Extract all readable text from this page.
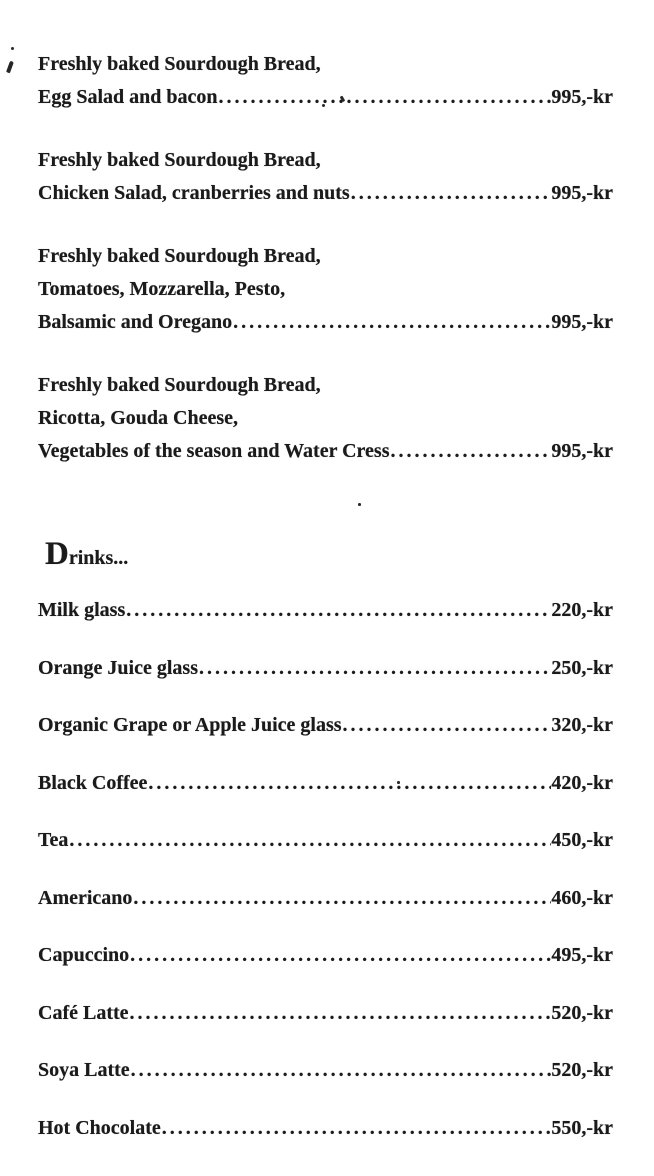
Freshly baked Sourdough Bread,

Egg Salad and bacon .....	995,-kr

Freshly baked Sourdough Bread,

Chicken Salad, cranberries and nuts .....	995,-kr

Freshly baked Sourdough Bread,

Tomatoes, Mozzarella, Pesto,

Balsamic and Oregano .....	995,-kr

Freshly baked Sourdough Bread,

Ricotta, Gouda Cheese,

Vegetables of the season and Water Cress .....	995,-kr
Drinks...
Milk glass .....	220,-kr
Orange Juice glass .....	250,-kr
Organic Grape or Apple Juice glass .....	320,-kr
Black Coffee .....	420,-kr
Tea .....	450,-kr
Americano .....	460,-kr
Capuccino .....	495,-kr
Café Latte .....	520,-kr
Soya Latte .....	520,-kr
Hot Chocolate .....	550,-kr
